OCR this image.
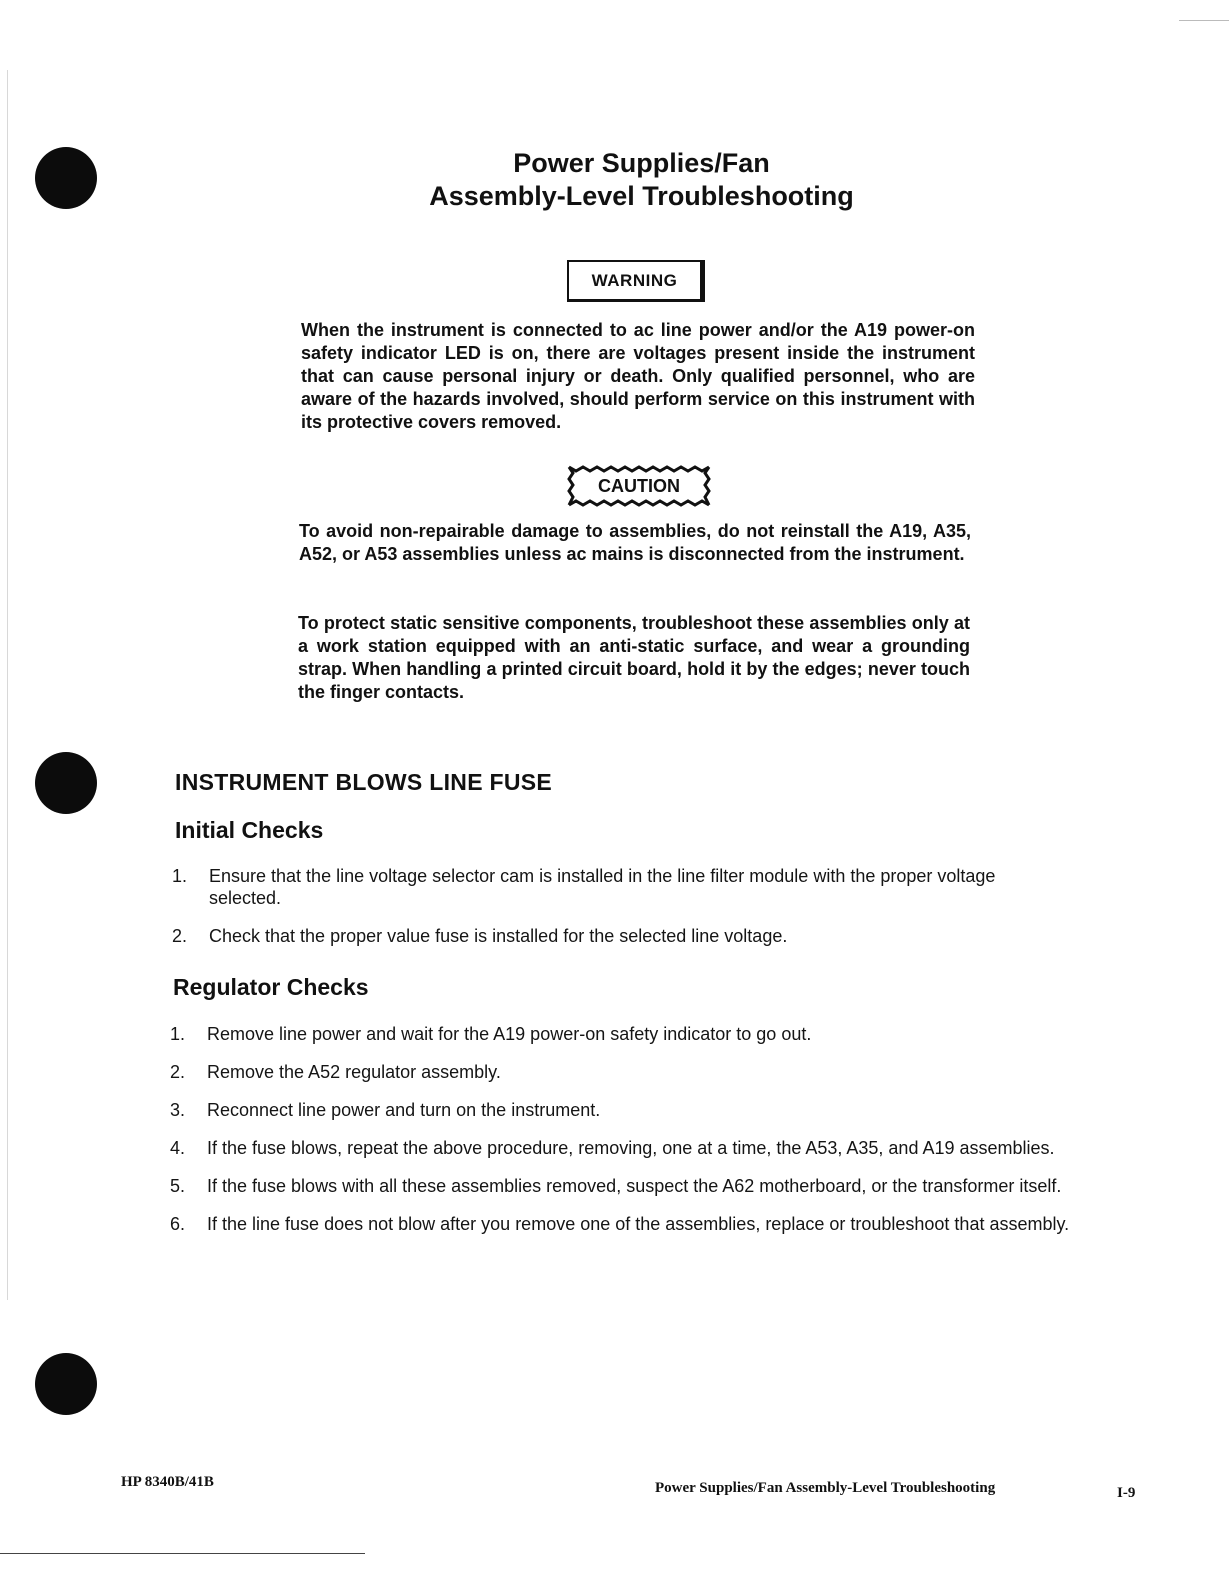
Power Supplies/Fan
Assembly-Level Troubleshooting
WARNING
When the instrument is connected to ac line power and/or the A19 power-on safety indicator LED is on, there are voltages present inside the instrument that can cause personal injury or death. Only qualified personnel, who are aware of the hazards involved, should perform service on this instrument with its protective covers removed.
CAUTION
To avoid non-repairable damage to assemblies, do not reinstall the A19, A35, A52, or A53 assemblies unless ac mains is disconnected from the instrument.
To protect static sensitive components, troubleshoot these assemblies only at a work station equipped with an anti-static surface, and wear a grounding strap. When handling a printed circuit board, hold it by the edges; never touch the finger contacts.
INSTRUMENT BLOWS LINE FUSE
Initial Checks
1. Ensure that the line voltage selector cam is installed in the line filter module with the proper voltage selected.
2. Check that the proper value fuse is installed for the selected line voltage.
Regulator Checks
1. Remove line power and wait for the A19 power-on safety indicator to go out.
2. Remove the A52 regulator assembly.
3. Reconnect line power and turn on the instrument.
4. If the fuse blows, repeat the above procedure, removing, one at a time, the A53, A35, and A19 assemblies.
5. If the fuse blows with all these assemblies removed, suspect the A62 motherboard, or the transformer itself.
6. If the line fuse does not blow after you remove one of the assemblies, replace or troubleshoot that assembly.
HP 8340B/41B	Power Supplies/Fan Assembly-Level Troubleshooting	I-9
